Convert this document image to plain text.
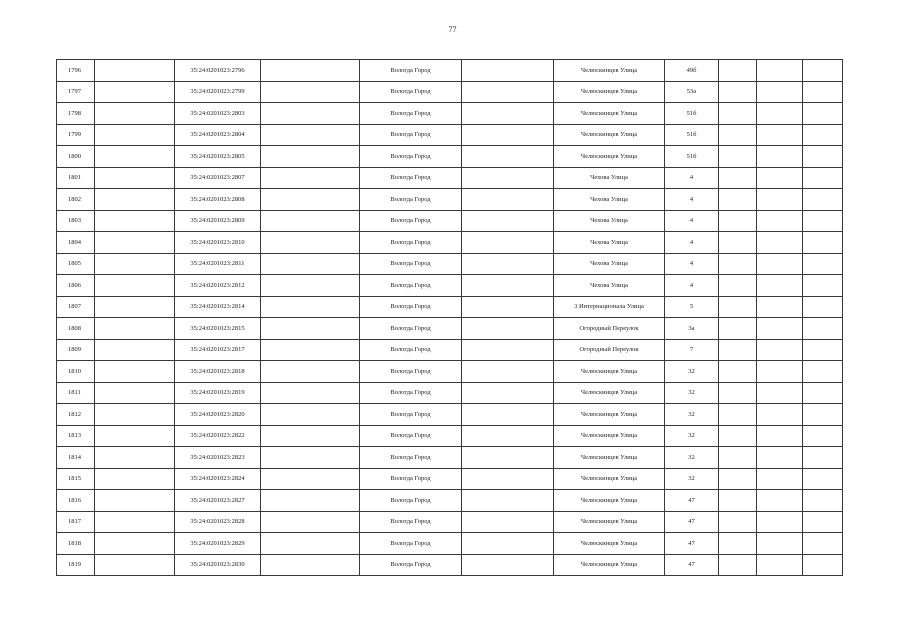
77
1796		35:24:0201023:2796		Вологда Город		Челюскинцев Улица	49б			
1797		35:24:0201023:2799		Вологда Город		Челюскинцев Улица	53а			
1798		35:24:0201023:2803		Вологда Город		Челюскинцев Улица	51б			
1799		35:24:0201023:2804		Вологда Город		Челюскинцев Улица	51б			
1800		35:24:0201023:2805		Вологда Город		Челюскинцев Улица	51б			
1801		35:24:0201023:2807		Вологда Город		Чехова Улица	4			
1802		35:24:0201023:2808		Вологда Город		Чехова Улица	4			
1803		35:24:0201023:2809		Вологда Город		Чехова Улица	4			
1804		35:24:0201023:2810		Вологда Город		Чехова Улица	4			
1805		35:24:0201023:2811		Вологда Город		Чехова Улица	4			
1806		35:24:0201023:2812		Вологда Город		Чехова Улица	4			
1807		35:24:0201023:2814		Вологда Город		3 Интернационала Улица	5			
1808		35:24:0201023:2815		Вологда Город		Огородный Переулок	3а			
1809		35:24:0201023:2817		Вологда Город		Огородный Переулок	7			
1810		35:24:0201023:2818		Вологда Город		Челюскинцев Улица	32			
1811		35:24:0201023:2819		Вологда Город		Челюскинцев Улица	32			
1812		35:24:0201023:2820		Вологда Город		Челюскинцев Улица	32			
1813		35:24:0201023:2822		Вологда Город		Челюскинцев Улица	32			
1814		35:24:0201023:2823		Вологда Город		Челюскинцев Улица	32			
1815		35:24:0201023:2824		Вологда Город		Челюскинцев Улица	32			
1816		35:24:0201023:2827		Вологда Город		Челюскинцев Улица	47			
1817		35:24:0201023:2828		Вологда Город		Челюскинцев Улица	47			
1818		35:24:0201023:2829		Вологда Город		Челюскинцев Улица	47			
1819		35:24:0201023:2830		Вологда Город		Челюскинцев Улица	47			
